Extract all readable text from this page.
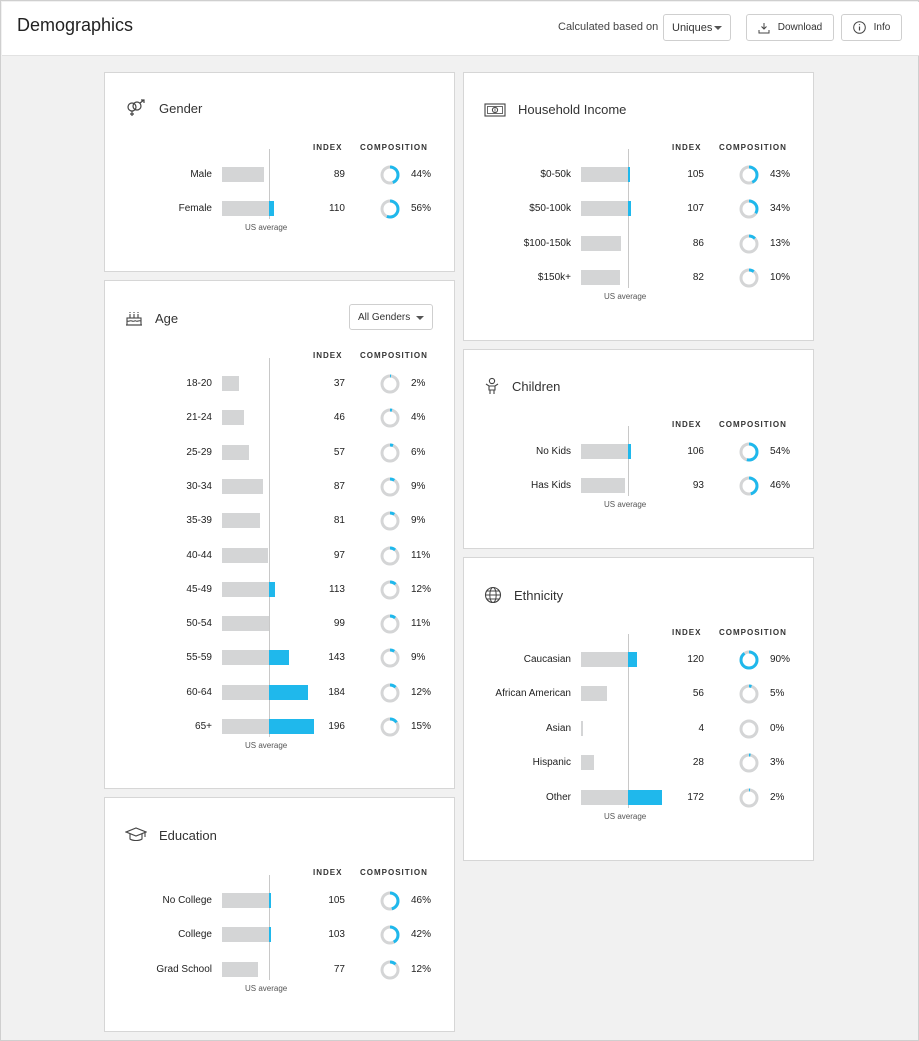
Demographics	Calculated based on Uniques	Download	Info
Gender
INDEX COMPOSITION
Male	89	44%
Female	110	56%
US average
Age	All Genders
INDEX COMPOSITION
18-20	37	2%
21-24	46	4%
25-29	57	6%
30-34	87	9%
35-39	81	9%
40-44	97	11%
45-49	113	12%
50-54	99	11%
55-59	143	9%
60-64	184	12%
65+	196	15%
US average
Education
INDEX COMPOSITION
No College	105	46%
College	103	42%
Grad School	77	12%
US average
Household Income
INDEX COMPOSITION
$0-50k	105	43%
$50-100k	107	34%
$100-150k	86	13%
$150k+	82	10%
US average
Children
INDEX COMPOSITION
No Kids	106	54%
Has Kids	93	46%
US average
Ethnicity
INDEX COMPOSITION
Caucasian	120	90%
African American	56	5%
Asian	4	0%
Hispanic	28	3%
Other	172	2%
US average
